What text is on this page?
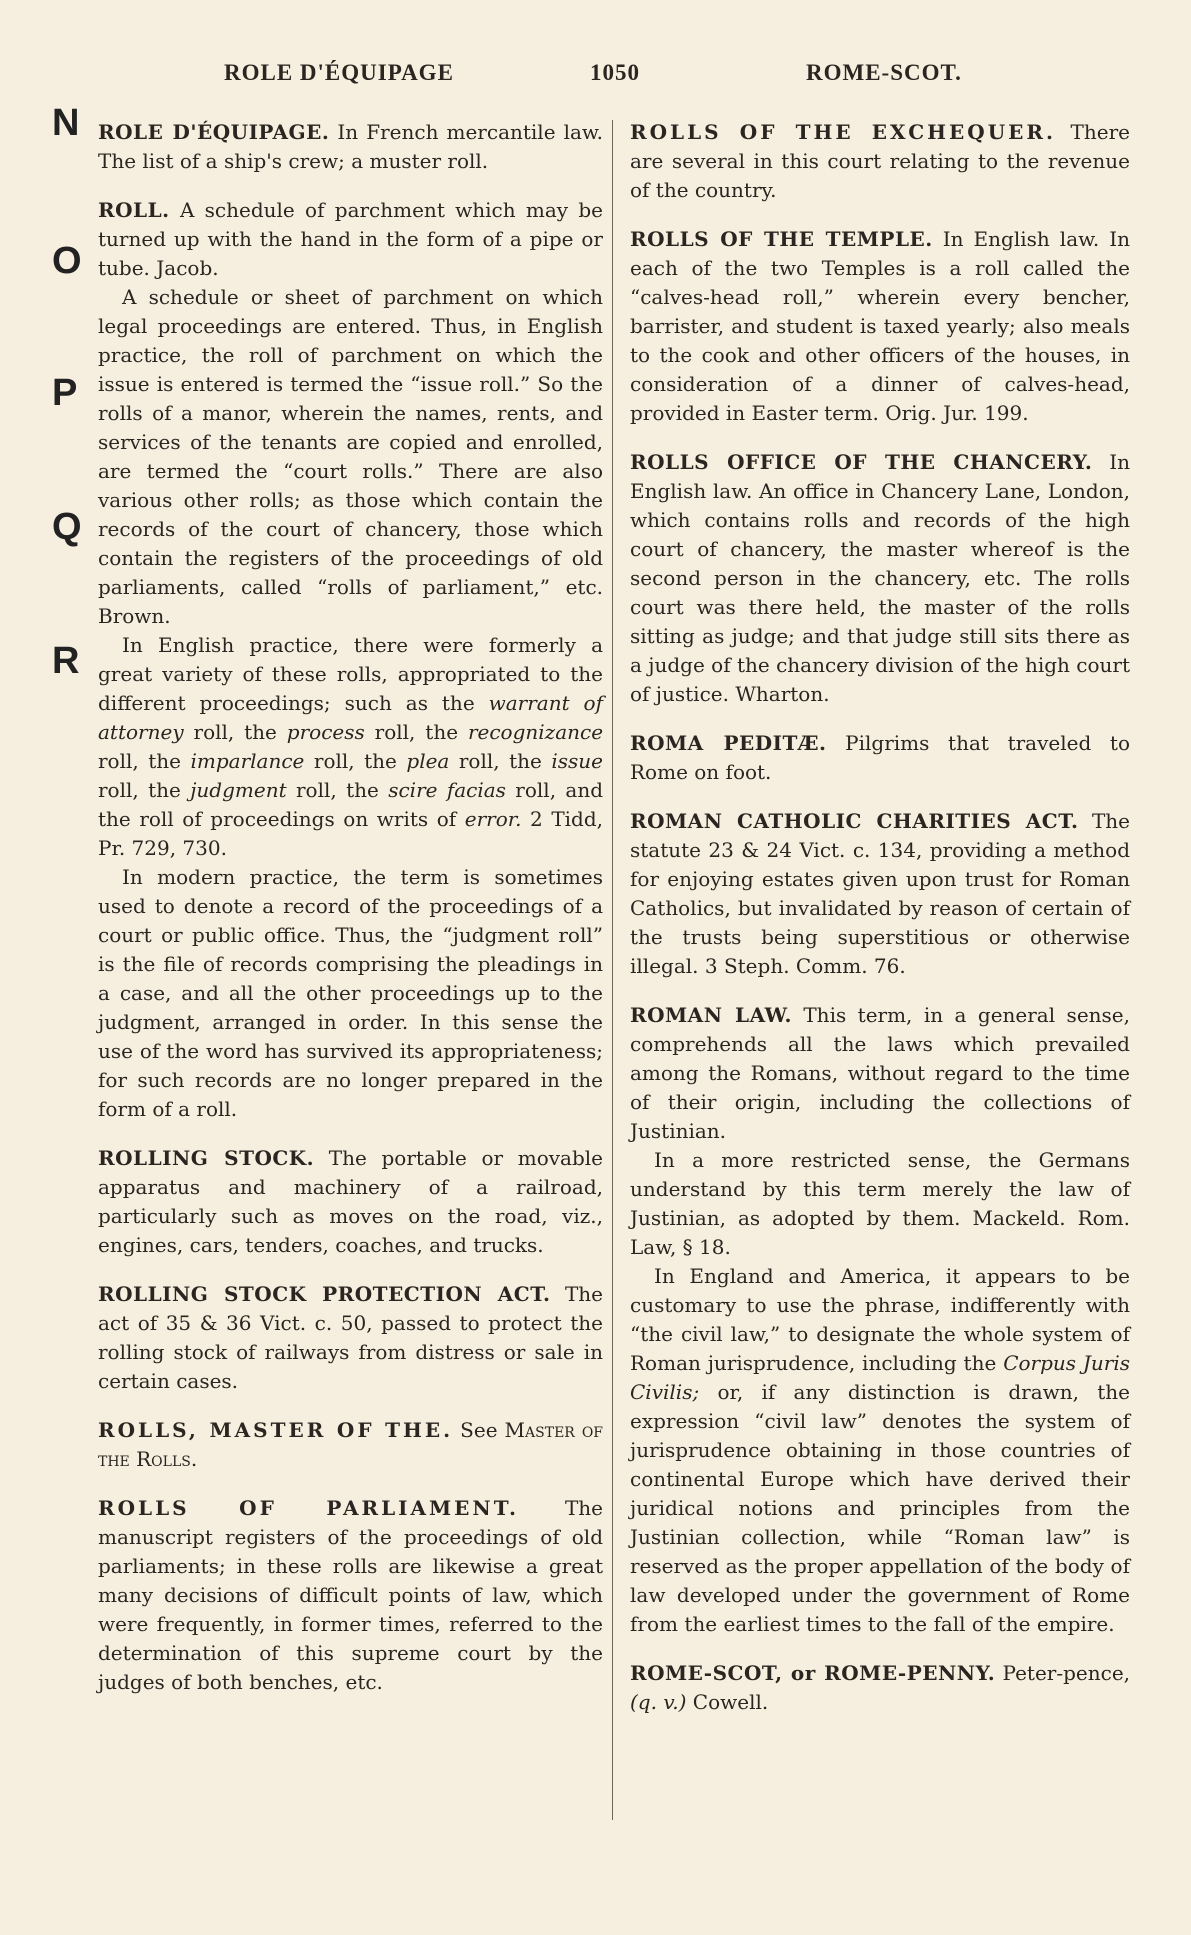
ROLE D'ÉQUIPAGE	1050	ROME-SCOT.
N
O
P
Q
R

ROLE D'ÉQUIPAGE. In French mercantile law. The list of a ship's crew; a muster roll.

ROLL. A schedule of parchment which may be turned up with the hand in the form of a pipe or tube. Jacob.

A schedule or sheet of parchment on which legal proceedings are entered. Thus, in English practice, the roll of parchment on which the issue is entered is termed the “issue roll.” So the rolls of a manor, wherein the names, rents, and services of the tenants are copied and enrolled, are termed the “court rolls.” There are also various other rolls; as those which contain the records of the court of chancery, those which contain the registers of the proceedings of old parliaments, called “rolls of parliament,” etc. Brown.

In English practice, there were formerly a great variety of these rolls, appropriated to the different proceedings; such as the warrant of attorney roll, the process roll, the recognizance roll, the imparlance roll, the plea roll, the issue roll, the judgment roll, the scire facias roll, and the roll of proceedings on writs of error. 2 Tidd, Pr. 729, 730.

In modern practice, the term is sometimes used to denote a record of the proceedings of a court or public office. Thus, the “judgment roll” is the file of records comprising the pleadings in a case, and all the other proceedings up to the judgment, arranged in order. In this sense the use of the word has survived its appropriateness; for such records are no longer prepared in the form of a roll.

ROLLING STOCK. The portable or movable apparatus and machinery of a railroad, particularly such as moves on the road, viz., engines, cars, tenders, coaches, and trucks.

ROLLING STOCK PROTECTION ACT. The act of 35 & 36 Vict. c. 50, passed to protect the rolling stock of railways from distress or sale in certain cases.

ROLLS, MASTER OF THE. See Master of the Rolls.

ROLLS OF PARLIAMENT. The manuscript registers of the proceedings of old parliaments; in these rolls are likewise a great many decisions of difficult points of law, which were frequently, in former times, referred to the determination of this supreme court by the judges of both benches, etc.

ROLLS OF THE EXCHEQUER. There are several in this court relating to the revenue of the country.

ROLLS OF THE TEMPLE. In English law. In each of the two Temples is a roll called the “calves-head roll,” wherein every bencher, barrister, and student is taxed yearly; also meals to the cook and other officers of the houses, in consideration of a dinner of calves-head, provided in Easter term. Orig. Jur. 199.

ROLLS OFFICE OF THE CHANCERY. In English law. An office in Chancery Lane, London, which contains rolls and records of the high court of chancery, the master whereof is the second person in the chancery, etc. The rolls court was there held, the master of the rolls sitting as judge; and that judge still sits there as a judge of the chancery division of the high court of justice. Wharton.

ROMA PEDITÆ. Pilgrims that traveled to Rome on foot.

ROMAN CATHOLIC CHARITIES ACT. The statute 23 & 24 Vict. c. 134, providing a method for enjoying estates given upon trust for Roman Catholics, but invalidated by reason of certain of the trusts being superstitious or otherwise illegal. 3 Steph. Comm. 76.

ROMAN LAW. This term, in a general sense, comprehends all the laws which prevailed among the Romans, without regard to the time of their origin, including the collections of Justinian.

In a more restricted sense, the Germans understand by this term merely the law of Justinian, as adopted by them. Mackeld. Rom. Law, § 18.

In England and America, it appears to be customary to use the phrase, indifferently with “the civil law,” to designate the whole system of Roman jurisprudence, including the Corpus Juris Civilis; or, if any distinction is drawn, the expression “civil law” denotes the system of jurisprudence obtaining in those countries of continental Europe which have derived their juridical notions and principles from the Justinian collection, while “Roman law” is reserved as the proper appellation of the body of law developed under the government of Rome from the earliest times to the fall of the empire.

ROME-SCOT, or ROME-PENNY. Peter-pence, (q. v.) Cowell.
